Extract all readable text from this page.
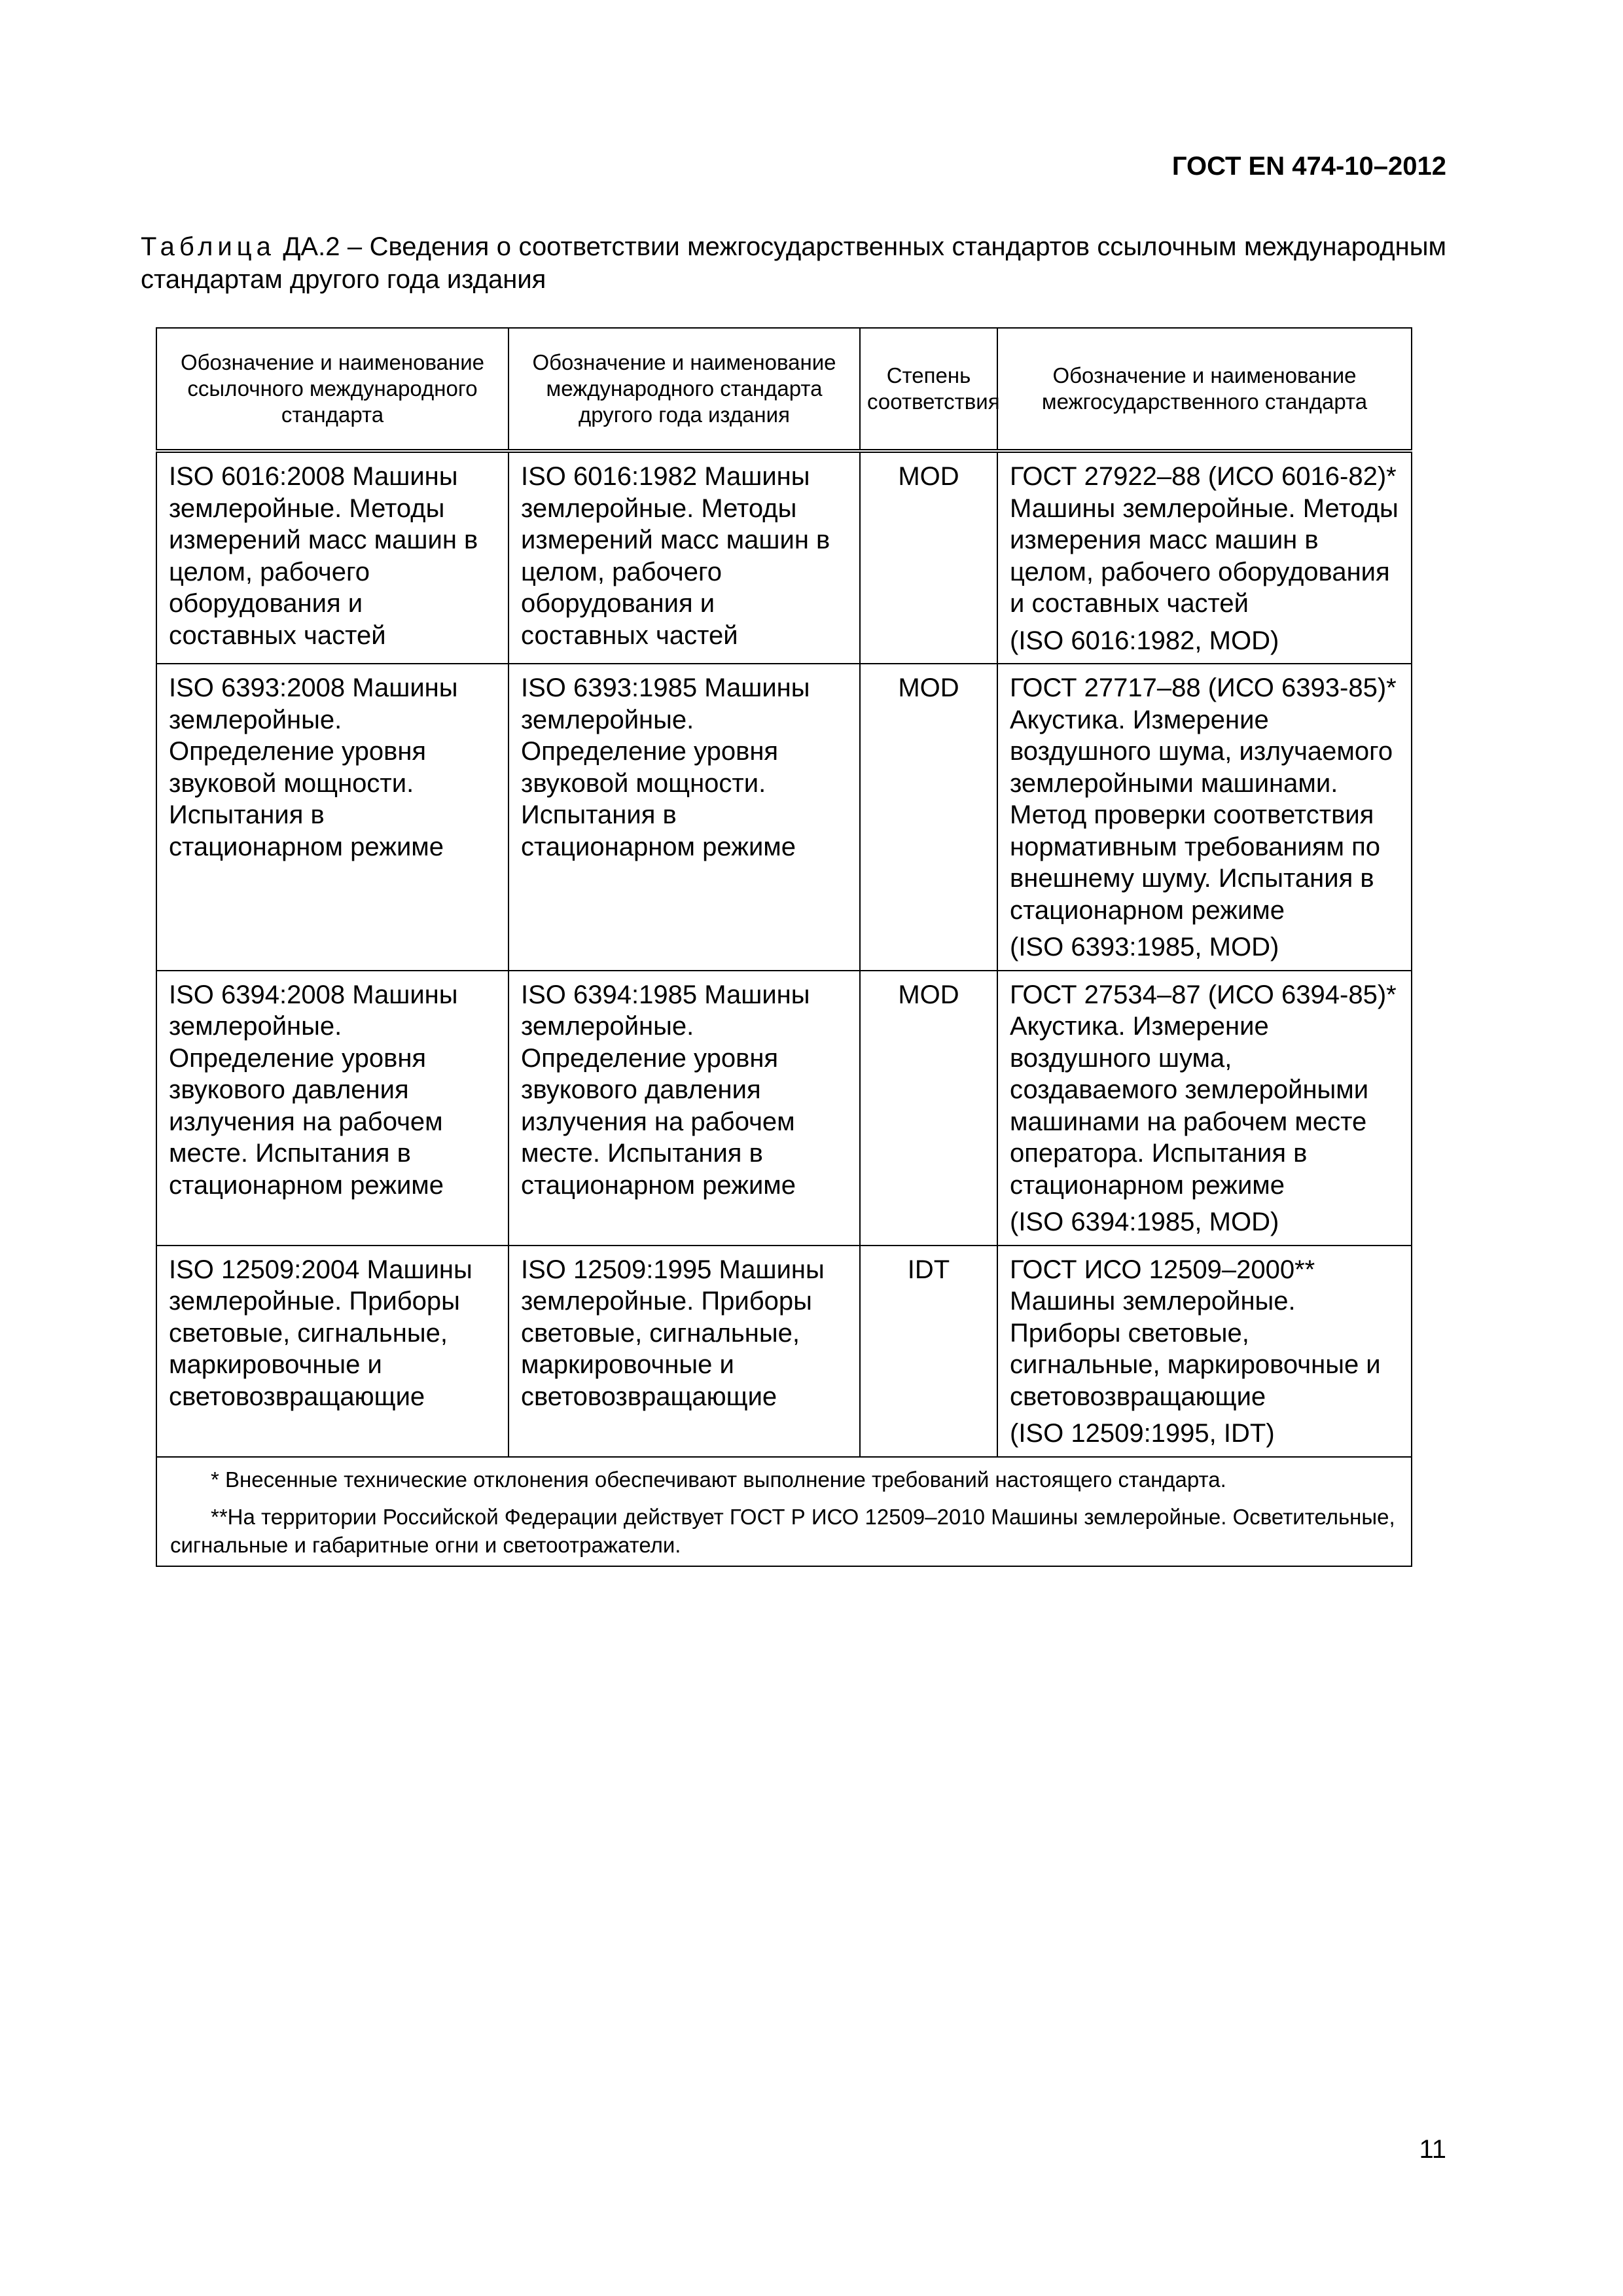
ГОСТ EN 474-10–2012
Таблица ДА.2 – Сведения о соответствии межгосударственных стандартов ссылочным международным стандартам другого года издания
Обозначение и наименование ссылочного международного стандарта	Обозначение и наименование международного стандарта другого года издания	Степень соответствия	Обозначение и наименование межгосударственного стандарта
ISO 6016:2008 Машины землеройные. Методы измерений масс машин в целом, рабочего оборудования и составных частей	ISO 6016:1982 Машины землеройные. Методы измерений масс машин в целом, рабочего оборудования и составных частей	MOD	ГОСТ 27922–88 (ИСО 6016-82)* Машины землеройные. Методы измерения масс машин в целом, рабочего оборудования и составных частей
(ISO 6016:1982, MOD)

ISO 6393:2008 Машины землеройные. Определение уровня звуковой мощности. Испытания в стационарном режиме	ISO 6393:1985 Машины землеройные. Определение уровня звуковой мощности. Испытания в стационарном режиме	MOD	ГОСТ 27717–88 (ИСО 6393-85)* Акустика. Измерение воздушного шума, излучаемого землеройными машинами. Метод проверки соответствия нормативным требованиям по внешнему шуму. Испытания в стационарном режиме
(ISO 6393:1985, MOD)

ISO 6394:2008 Машины землеройные. Определение уровня звукового давления излучения на рабочем месте. Испытания в стационарном режиме	ISO 6394:1985 Машины землеройные. Определение уровня звукового давления излучения на рабочем месте. Испытания в стационарном режиме	MOD	ГОСТ 27534–87 (ИСО 6394-85)* Акустика. Измерение воздушного шума, создаваемого землеройными машинами на рабочем месте оператора. Испытания в стационарном режиме
(ISO 6394:1985, MOD)

ISO 12509:2004 Машины землеройные. Приборы световые, сигнальные, маркировочные и световозвращающие	ISO 12509:1995 Машины землеройные. Приборы световые, сигнальные, маркировочные и световозвращающие	IDT	ГОСТ ИСО 12509–2000** Машины землеройные. Приборы световые, сигнальные, маркировочные и световозвращающие
(ISO 12509:1995, IDT)

* Внесенные технические отклонения обеспечивают выполнение требований настоящего стандарта.

**На территории Российской Федерации действует ГОСТ Р ИСО 12509–2010 Машины землеройные. Осветительные, сигнальные и габаритные огни и светоотражатели.			

11
